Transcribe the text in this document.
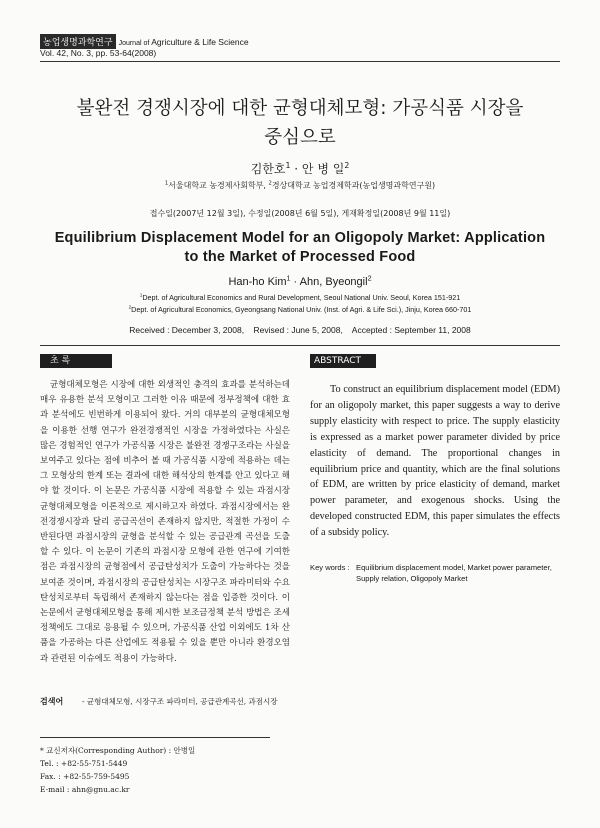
농업생명과학연구 Journal of Agriculture & Life Science
Vol. 42, No. 3, pp. 53-64(2008)
불완전 경쟁시장에 대한 균형대체모형: 가공식품 시장을
중심으로
김한호$^1$ · 안 병 일$^2$
$^1$서울대학교 농경제사회학부, $^2$경상대학교 농업경제학과(농업생명과학연구원)
접수일(2007년 12월 3일), 수정일(2008년 6월 5일), 게재확정일(2008년 9월 11일)
Equilibrium Displacement Model for an Oligopoly Market: Application
to the Market of Processed Food
Han-ho Kim$^1$ · Ahn, Byeongil$^2$
$^1$Dept. of Agricultural Economics and Rural Development, Seoul National Univ. Seoul, Korea 151-921
$^2$Dept. of Agricultural Economics, Gyeongsang National Univ. (Inst. of Agri. & Life Sci.), Jinju, Korea 660-701
Received : December 3, 2008,    Revised : June 5, 2008,    Accepted : September 11, 2008
초 록	ABSTRACT

균형대체모형은 시장에 대한 외생적인 충격의 효과를 분석하는데 매우 유용한 분석 모형이고 그러한 이유 때문에 정부정책에 대한 효과 분석에도 빈번하게 이용되어 왔다. 거의 대부분의 균형대체모형을 이용한 선행 연구가 완전경쟁적인 시장을 가정하였다는 사실은 많은 경험적인 연구가 가공식품 시장은 불완전 경쟁구조라는 사실을 보여주고 있다는 점에 비추어 볼 때 가공식품 시장에 적용하는 데는 그 모형상의 한계 또는 결과에 대한 해석상의 한계를 안고 있다고 해야 할 것이다. 이 논문은 가공식품 시장에 적용할 수 있는 과점시장 균형대체모형을 이론적으로 제시하고자 하였다. 과점시장에서는 완전경쟁시장과 달리 공급곡선이 존재하지 않지만, 적절한 가정이 수반된다면 과점시장의 균형을 분석할 수 있는 공급관계 곡선을 도출 할 수 있다. 이 논문이 기존의 과점시장 모형에 관한 연구에 기여한 점은 과점시장의 균형점에서 공급탄성치가 도출이 가능하다는 것을 보여준 것이며, 과점시장의 공급탄성치는 시장구조 파라미터와 수요탄성치로부터 독립해서 존재하지 않는다는 점을 입증한 것이다. 이 논문에서 균형대체모형을 통해 제시한 보조금정책 분석 방법은 조세정책에도 그대로 응용될 수 있으며, 가공식품 산업 이외에도 1차 산품을 가공하는 다른 산업에도 적용될 수 있을 뿐만 아니라 환경오염과 관련된 이슈에도 적용이 가능하다.

검색어	- 균형대체모형, 시장구조 파라미터, 공급관계곡선, 과점시장

To construct an equilibrium displacement model (EDM) for an oligopoly market, this paper suggests a way to derive supply elasticity with respect to price. The supply elasticity is expressed as a market power parameter divided by price elasticity of demand. The proportional changes in equilibrium price and quantity, which are the final solutions of EDM, are written by price elasticity of demand, market power parameter, and exogenous shocks. Using the developed constructed EDM, this paper simulates the effects of a subsidy policy.

Key words : Equilibrium displacement model, Market power parameter, Supply relation, Oligopoly Market
* 교신저자(Corresponding Author) : 안병일
Tel. : +82-55-751-5449
Fax. : +82-55-759-5495
E-mail : ahn@gnu.ac.kr
